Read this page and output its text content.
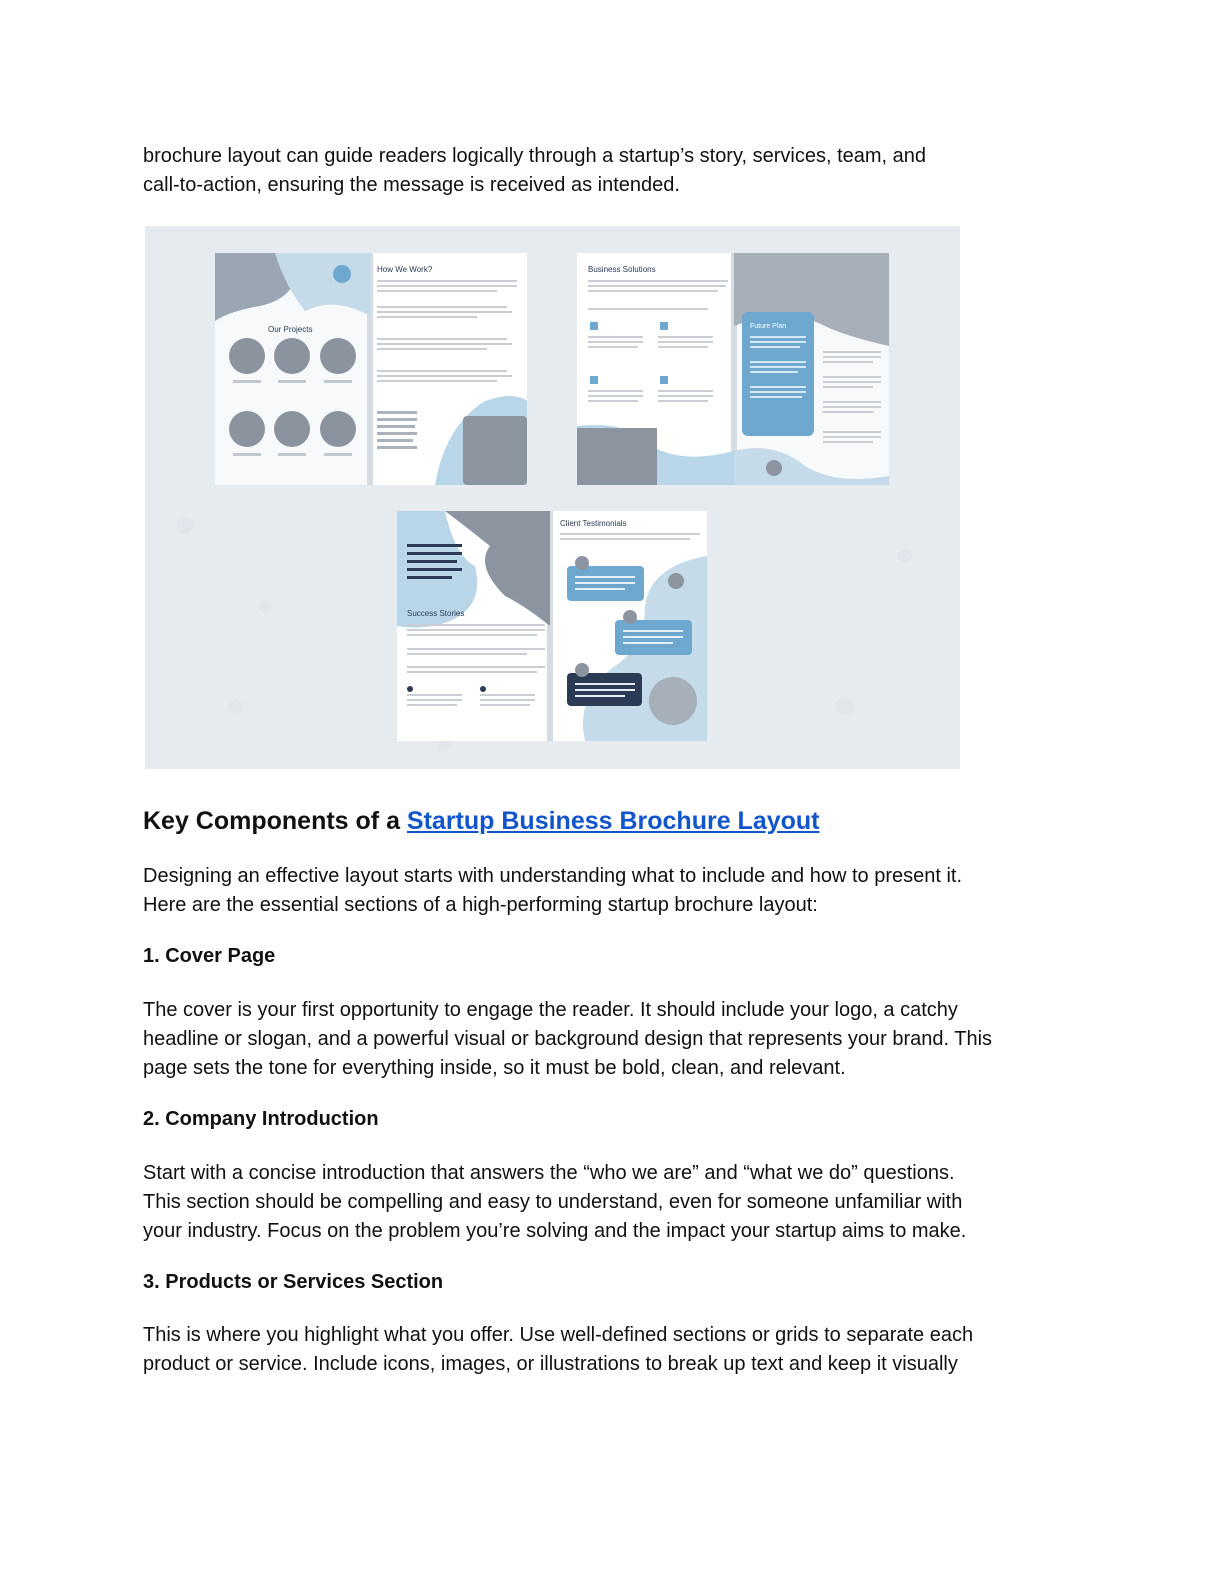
brochure layout can guide readers logically through a startup’s story, services, team, and
call-to-action, ensuring the message is received as intended.

Our Projects
How We Work?	Business Solutions
Future Plan
Success Stories
Client Testimonials
Key Components of a Startup Business Brochure Layout

Designing an effective layout starts with understanding what to include and how to present it.
Here are the essential sections of a high-performing startup brochure layout:

1. Cover Page

The cover is your first opportunity to engage the reader. It should include your logo, a catchy
headline or slogan, and a powerful visual or background design that represents your brand. This
page sets the tone for everything inside, so it must be bold, clean, and relevant.

2. Company Introduction

Start with a concise introduction that answers the “who we are” and “what we do” questions.
This section should be compelling and easy to understand, even for someone unfamiliar with
your industry. Focus on the problem you’re solving and the impact your startup aims to make.

3. Products or Services Section

This is where you highlight what you offer. Use well-defined sections or grids to separate each
product or service. Include icons, images, or illustrations to break up text and keep it visually
